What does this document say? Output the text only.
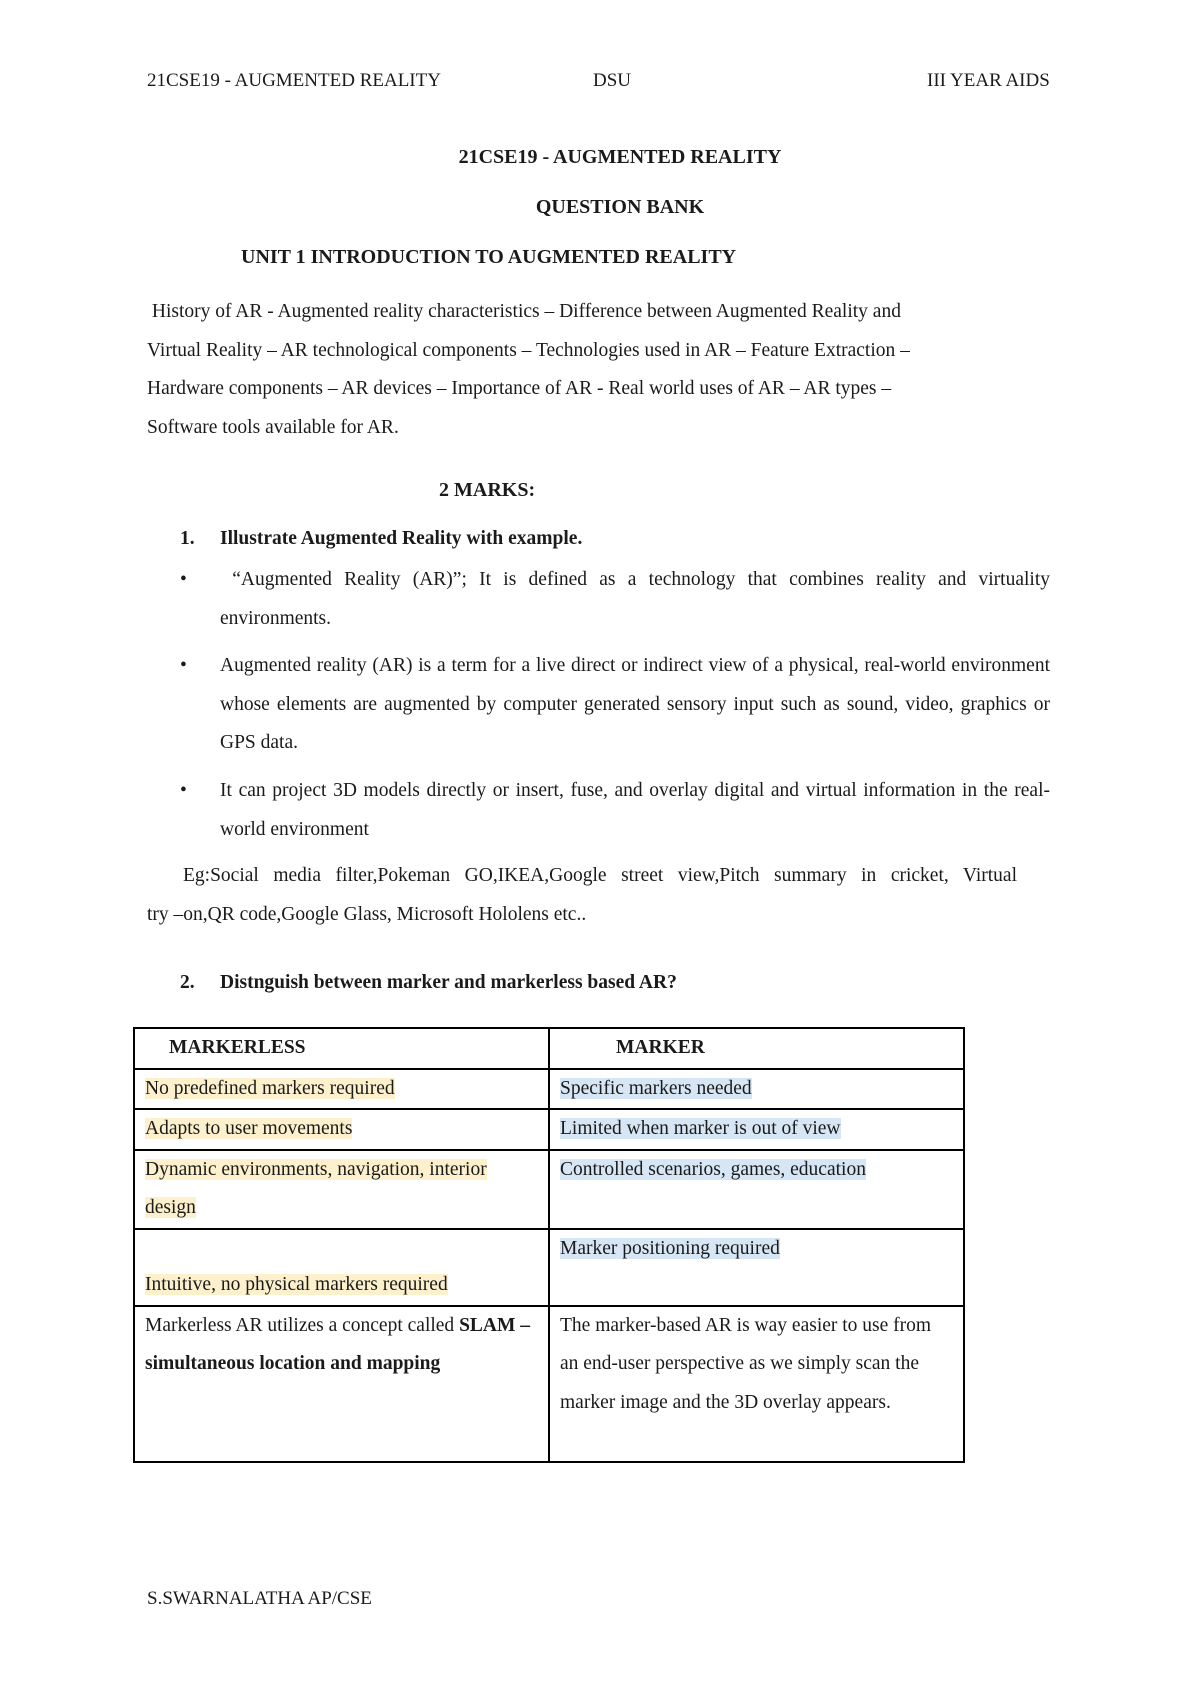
21CSE19 - AUGMENTED REALITY	DSU	III YEAR AIDS
21CSE19 - AUGMENTED REALITY
QUESTION BANK
UNIT 1 INTRODUCTION TO AUGMENTED REALITY
History of AR - Augmented reality characteristics – Difference between Augmented Reality and
Virtual Reality – AR technological components – Technologies used in AR – Feature Extraction –
Hardware components – AR devices – Importance of AR - Real world uses of AR – AR types –
Software tools available for AR.
2 MARKS:
1. Illustrate Augmented Reality with example.
• “Augmented Reality (AR)”; It is defined as a technology that combines reality and virtuality environments.
• Augmented reality (AR) is a term for a live direct or indirect view of a physical, real-world environment whose elements are augmented by computer generated sensory input such as sound, video, graphics or GPS data.
• It can project 3D models directly or insert, fuse, and overlay digital and virtual information in the real-world environment
Eg:Social media filter,Pokeman GO,IKEA,Google street view,Pitch summary in cricket, Virtual
try –on,QR code,Google Glass, Microsoft Hololens etc..
2. Distnguish between marker and markerless based AR?
MARKERLESS	MARKER
No predefined markers required	Specific markers needed
Adapts to user movements	Limited when marker is out of view
Dynamic environments, navigation, interior design	Controlled scenarios, games, education
Intuitive, no physical markers required	Marker positioning required
Markerless AR utilizes a concept called SLAM – simultaneous location and mapping	The marker-based AR is way easier to use from an end-user perspective as we simply scan the marker image and the 3D overlay appears.
S.SWARNALATHA AP/CSE
